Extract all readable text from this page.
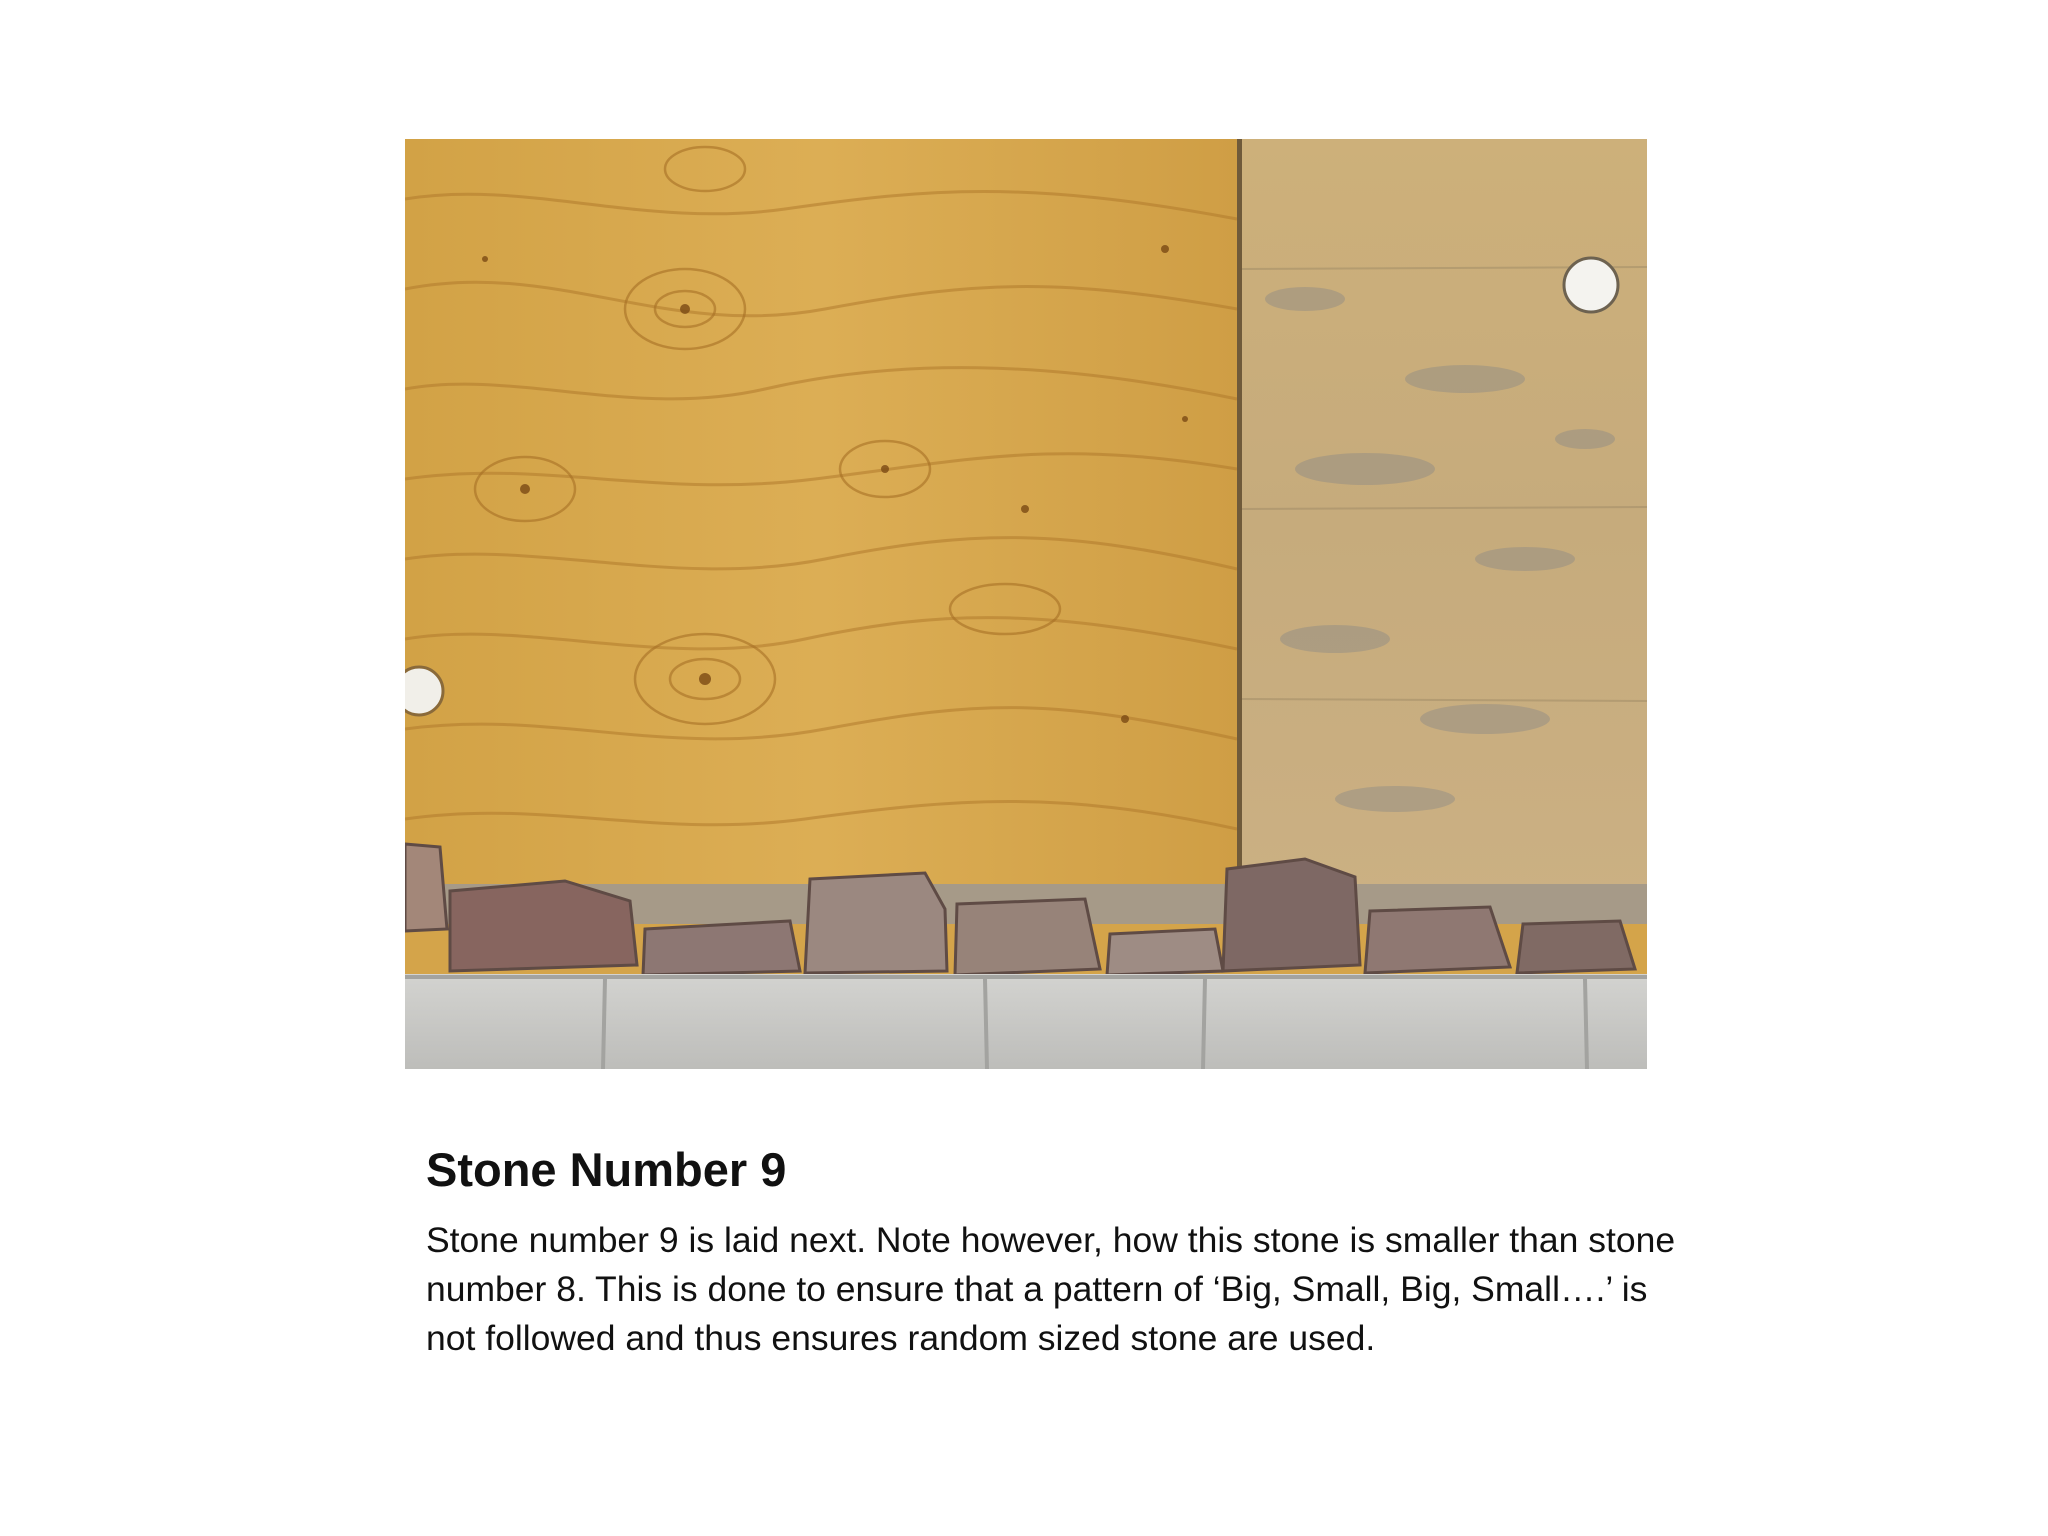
Stone Number 9

Stone number 9 is laid next. Note however, how this stone is smaller than stone number 8. This is done to ensure that a pattern of ‘Big, Small, Big, Small….’ is not followed and thus ensures random sized stone are used.
